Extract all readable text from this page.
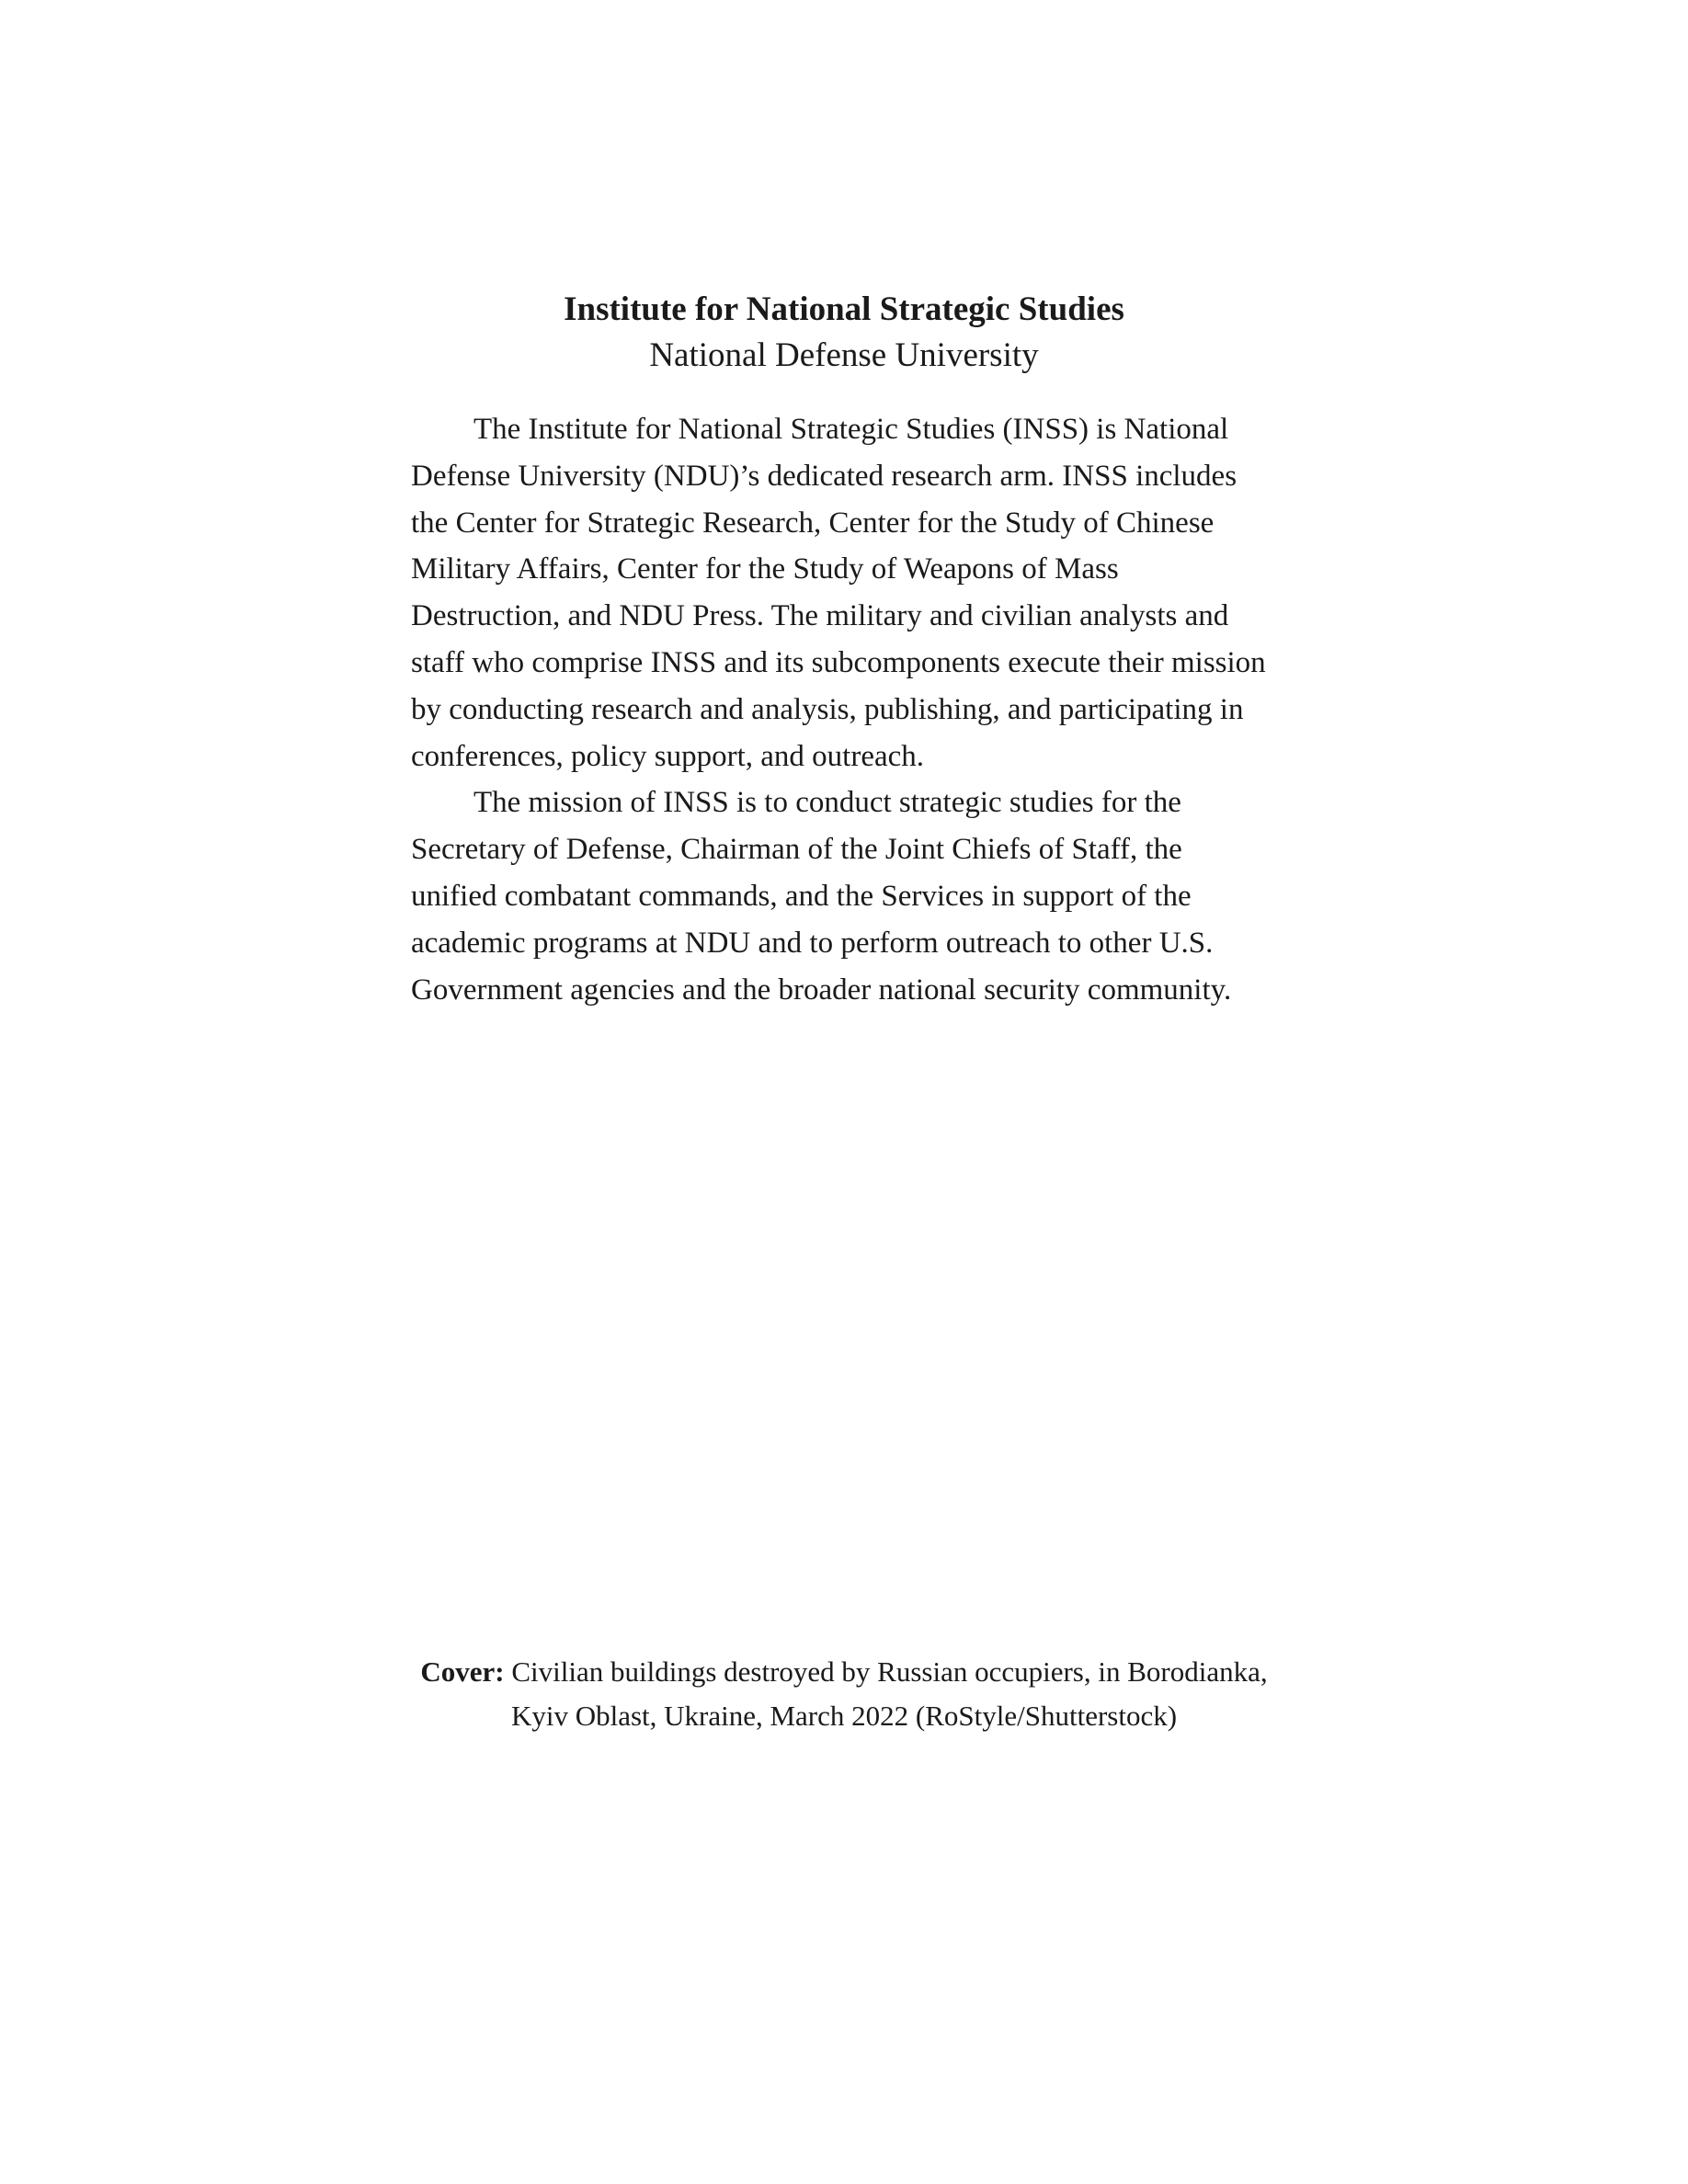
Institute for National Strategic Studies

National Defense University

The Institute for National Strategic Studies (INSS) is National Defense University (NDU)’s dedicated research arm. INSS includes the Center for Strategic Research, Center for the Study of Chinese Military Affairs, Center for the Study of Weapons of Mass Destruction, and NDU Press. The military and civilian analysts and staff who comprise INSS and its subcomponents execute their mission by conducting research and analysis, publishing, and participating in conferences, policy support, and outreach.

The mission of INSS is to conduct strategic studies for the Secretary of Defense, Chairman of the Joint Chiefs of Staff, the unified combatant commands, and the Services in support of the academic programs at NDU and to perform outreach to other U.S. Government agencies and the broader national security community.

Cover: Civilian buildings destroyed by Russian occupiers, in Borodianka,
Kyiv Oblast, Ukraine, March 2022 (RoStyle/Shutterstock)
